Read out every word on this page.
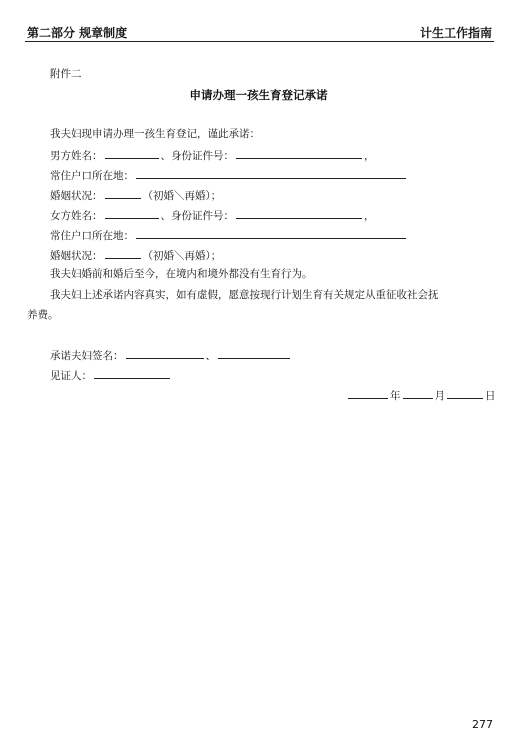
第二部分 规章制度	计生工作指南
附件二
申请办理一孩生育登记承诺
我夫妇现申请办理一孩生育登记，谨此承诺：
男方姓名：	、身份证件号：	，
常住户口所在地：
婚姻状况：	（初婚＼再婚）；
女方姓名：	、身份证件号：	，
常住户口所在地：
婚姻状况：	（初婚＼再婚）；
我夫妇婚前和婚后至今，在境内和境外都没有生育行为。
我夫妇上述承诺内容真实，如有虚假，愿意按现行计划生育有关规定从重征收社会抚
养费。
承诺夫妇签名：	、
见证人：
年	月	日
277
